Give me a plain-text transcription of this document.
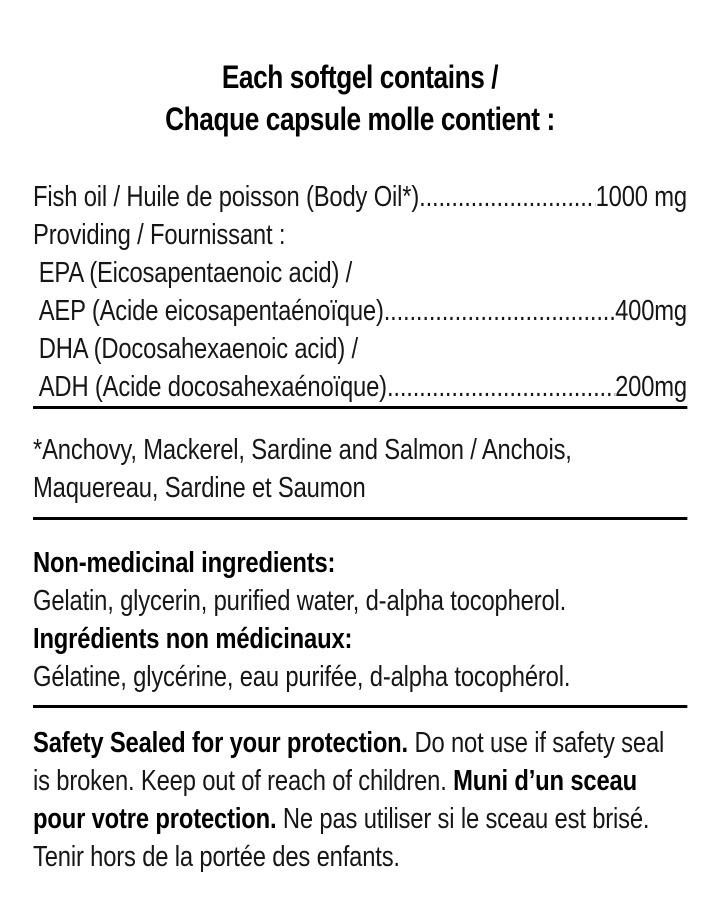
Each softgel contains /
Chaque capsule molle contient :
Fish oil / Huile de poisson (Body Oil*) .....	1000 mg
Providing / Fournissant :
EPA (Eicosapentaenoic acid) /
AEP (Acide eicosapentaénoïque) .....	400mg
DHA (Docosahexaenoic acid) /
ADH (Acide docosahexaénoïque) .....	200mg
*Anchovy, Mackerel, Sardine and Salmon / Anchois,
Maquereau, Sardine et Saumon
Non-medicinal ingredients:
Gelatin, glycerin, purified water, d-alpha tocopherol.
Ingrédients non médicinaux:
Gélatine, glycérine, eau purifée, d-alpha tocophérol.
Safety Sealed for your protection. Do not use if safety seal
is broken. Keep out of reach of children. Muni d’un sceau
pour votre protection. Ne pas utiliser si le sceau est brisé.
Tenir hors de la portée des enfants.
